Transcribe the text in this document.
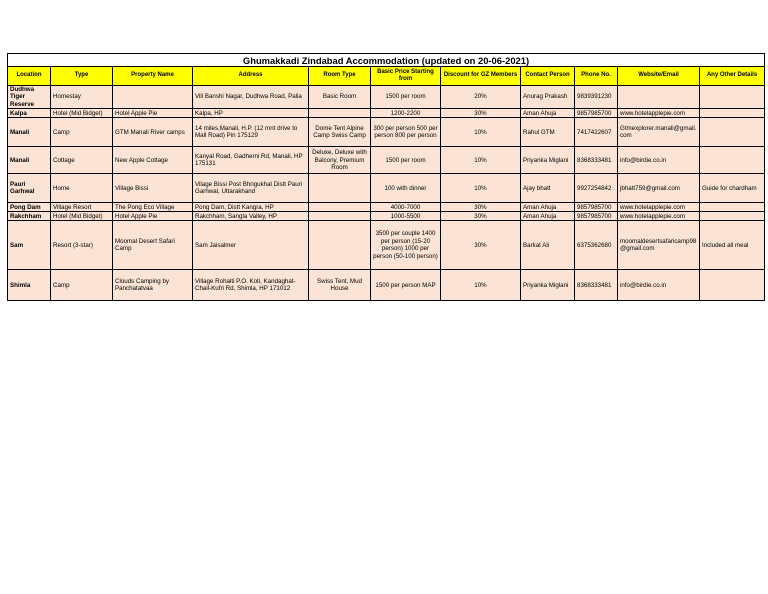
Ghumakkadi Zindabad Accommodation (updated on 20-06-2021)										
Location	Type	Property Name	Address	Room Type	Basic Price Starting from	Discount for GZ Members	Contact Person	Phone No.	Website/Email	Any Other Details
Dudhwa Tiger Reserve	Homestay		Vill Banshi Nagar, Dudhwa Road, Palia	Basic Room	1500 per room	20%	Anurag Prakash	9839391230		
Kalpa	Hotel (Mid Bidget)	Hotel Apple Pie	Kalpa, HP		1200-2200	30%	Aman Ahuja	9857985700	www.hotelapplepie.com	
Manali	Camp	GTM Manali River camps	14 miles,Manali, H.P. (12 mnt drive to Mall Road) Pin 175129	Dome Tent Alpine Camp Swiss Camp	300 per person 500 per person 800 per person	10%	Rahul GTM	7417422607	Gtmexplorer.manali@gmail.com	
Manali	Cottage	New Apple Cottage	Kanyal Road, Gadherni Rd, Manali, HP 175131	Deluxe, Deluxe with Balcony, Premium Room	1500 per room	10%	Priyanka Miglani	8368333481	info@birdie.co.in	
Pauri Garhwal	Home	Village Bissi	Vilage Bissi Post Bhrigukhal Distt Pauri Garhwal, Uttarakhand		100 with dinner	10%	Ajay bhatt	9927254842	jbhatt759@gmail.com	Guide for chardham
Pong Dam	Village Resort	The Pong Eco Village	Pong Dam, Distt Kangra, HP		4000-7000	30%	Aman Ahuja	9857985700	www.hotelapplepie.com	
Rakchham	Hotel (Mid Bidget)	Hotel Apple Pie	Rakchham, Sangla Valley, HP		1000-5500	30%	Aman Ahuja	9857985700	www.hotelapplepie.com	
Sam	Resort (3-star)	Moomal Desert Safari Camp	Sam Jaisalmer		3500 per couple 1400 per person (15-20 person) 1000 per person (50-100 person)	30%	Barkat Ali	6375362680	moomaldesertsafaricamp98@gmail.com	Included all meal
Shimla	Camp	Clouds Camping by Panchatatvaa	Village Rohalti P.O. Koti, Kandaghat-Chail-Kufri Rd, Shimla, HP 171012	Swiss Tent, Mud House	1500 per person MAP	10%	Priyanka Miglani	8368333481	info@birdie.co.in	
